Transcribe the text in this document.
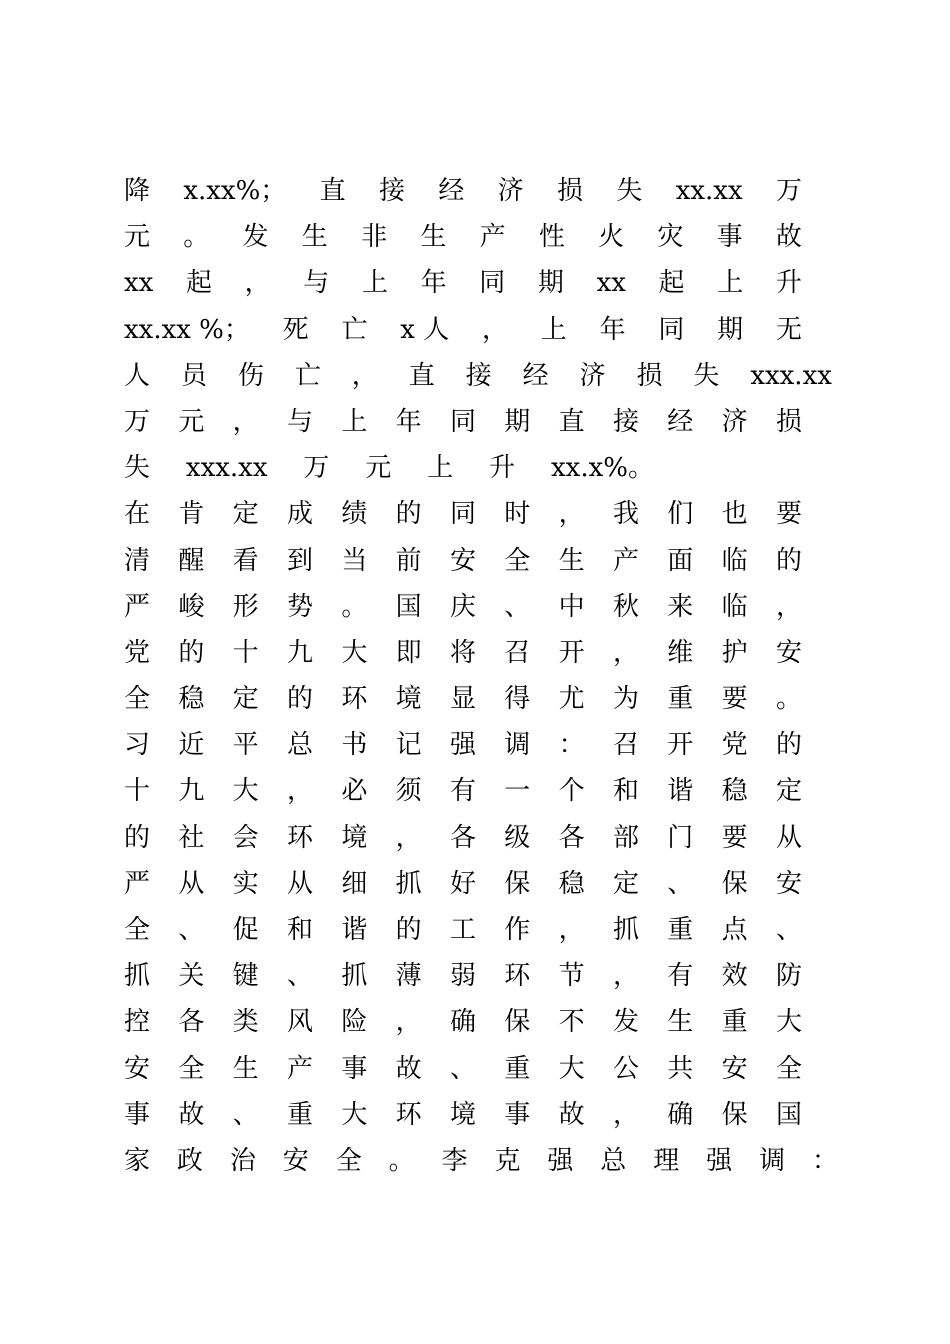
降 x.xx%； 直 接 经 济 损 失 xx.xx 万
元 。 发 生 非 生 产 性 火 灾 事 故
xx 起 ， 与 上 年 同 期 xx 起 上 升
xx.xx %； 死 亡 x 人 ， 上 年 同 期 无
人 员 伤 亡 ， 直 接 经 济 损 失 xxx.xx
万 元 ， 与 上 年 同 期 直 接 经 济 损
失 xxx.xx 万 元 上 升 xx.x%。
在 肯 定 成 绩 的 同 时 ， 我 们 也 要
清 醒 看 到 当 前 安 全 生 产 面 临 的
严 峻 形 势 。 国 庆 、 中 秋 来 临 ，
党 的 十 九 大 即 将 召 开 ， 维 护 安
全 稳 定 的 环 境 显 得 尤 为 重 要 。
习 近 平 总 书 记 强 调 ： 召 开 党 的
十 九 大 ， 必 须 有 一 个 和 谐 稳 定
的 社 会 环 境 ， 各 级 各 部 门 要 从
严 从 实 从 细 抓 好 保 稳 定 、 保 安
全 、 促 和 谐 的 工 作 ， 抓 重 点 、
抓 关 键 、 抓 薄 弱 环 节 ， 有 效 防
控 各 类 风 险 ， 确 保 不 发 生 重 大
安 全 生 产 事 故 、 重 大 公 共 安 全
事 故 、 重 大 环 境 事 故 ， 确 保 国
家 政 治 安 全 。 李 克 强 总 理 强 调 ：
